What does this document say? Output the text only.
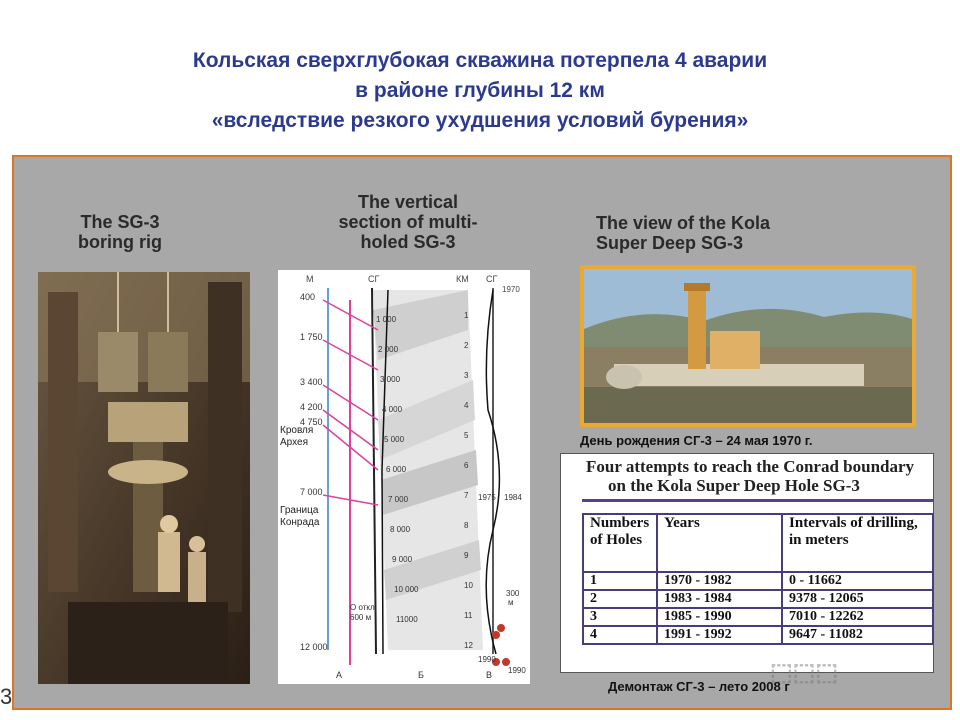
Кольская сверхглубокая скважина потерпела 4 аварии
в районе глубины 12 км
«вследствие резкого ухудшения условий бурения»
The SG-3
boring rig
The vertical
section of multi-
holed SG-3
The view of the Kola
Super Deep SG-3
М	СГ	КМ СГ
1970
400
1 750
3 400
4 200
4 750
7 000
12 000
1 000
2 000
3 000
4 000
5 000
6 000
7 000
8 000
9 000
10 000
11000
1
2
3
4
5
6
7
8
9
10
11
12
Кровля
Архея
Граница
Конрада
1975 1984
300
м
1990
1990
О откл.
600 м
А	Б	В
День рождения СГ-3 – 24 мая 1970 г.
Four attempts to reach the Conrad boundary
on the Kola Super Deep Hole SG-3
Numbers of Holes	Years	Intervals of drilling, in meters
1	1970 - 1982	0 - 11662
2	1983 - 1984	9378 - 12065
3	1985 - 1990	7010 - 12262
4	1991 - 1992	9647 - 11082
⬚⬚⬚
Демонтаж СГ-3 – лето 2008 г
3
